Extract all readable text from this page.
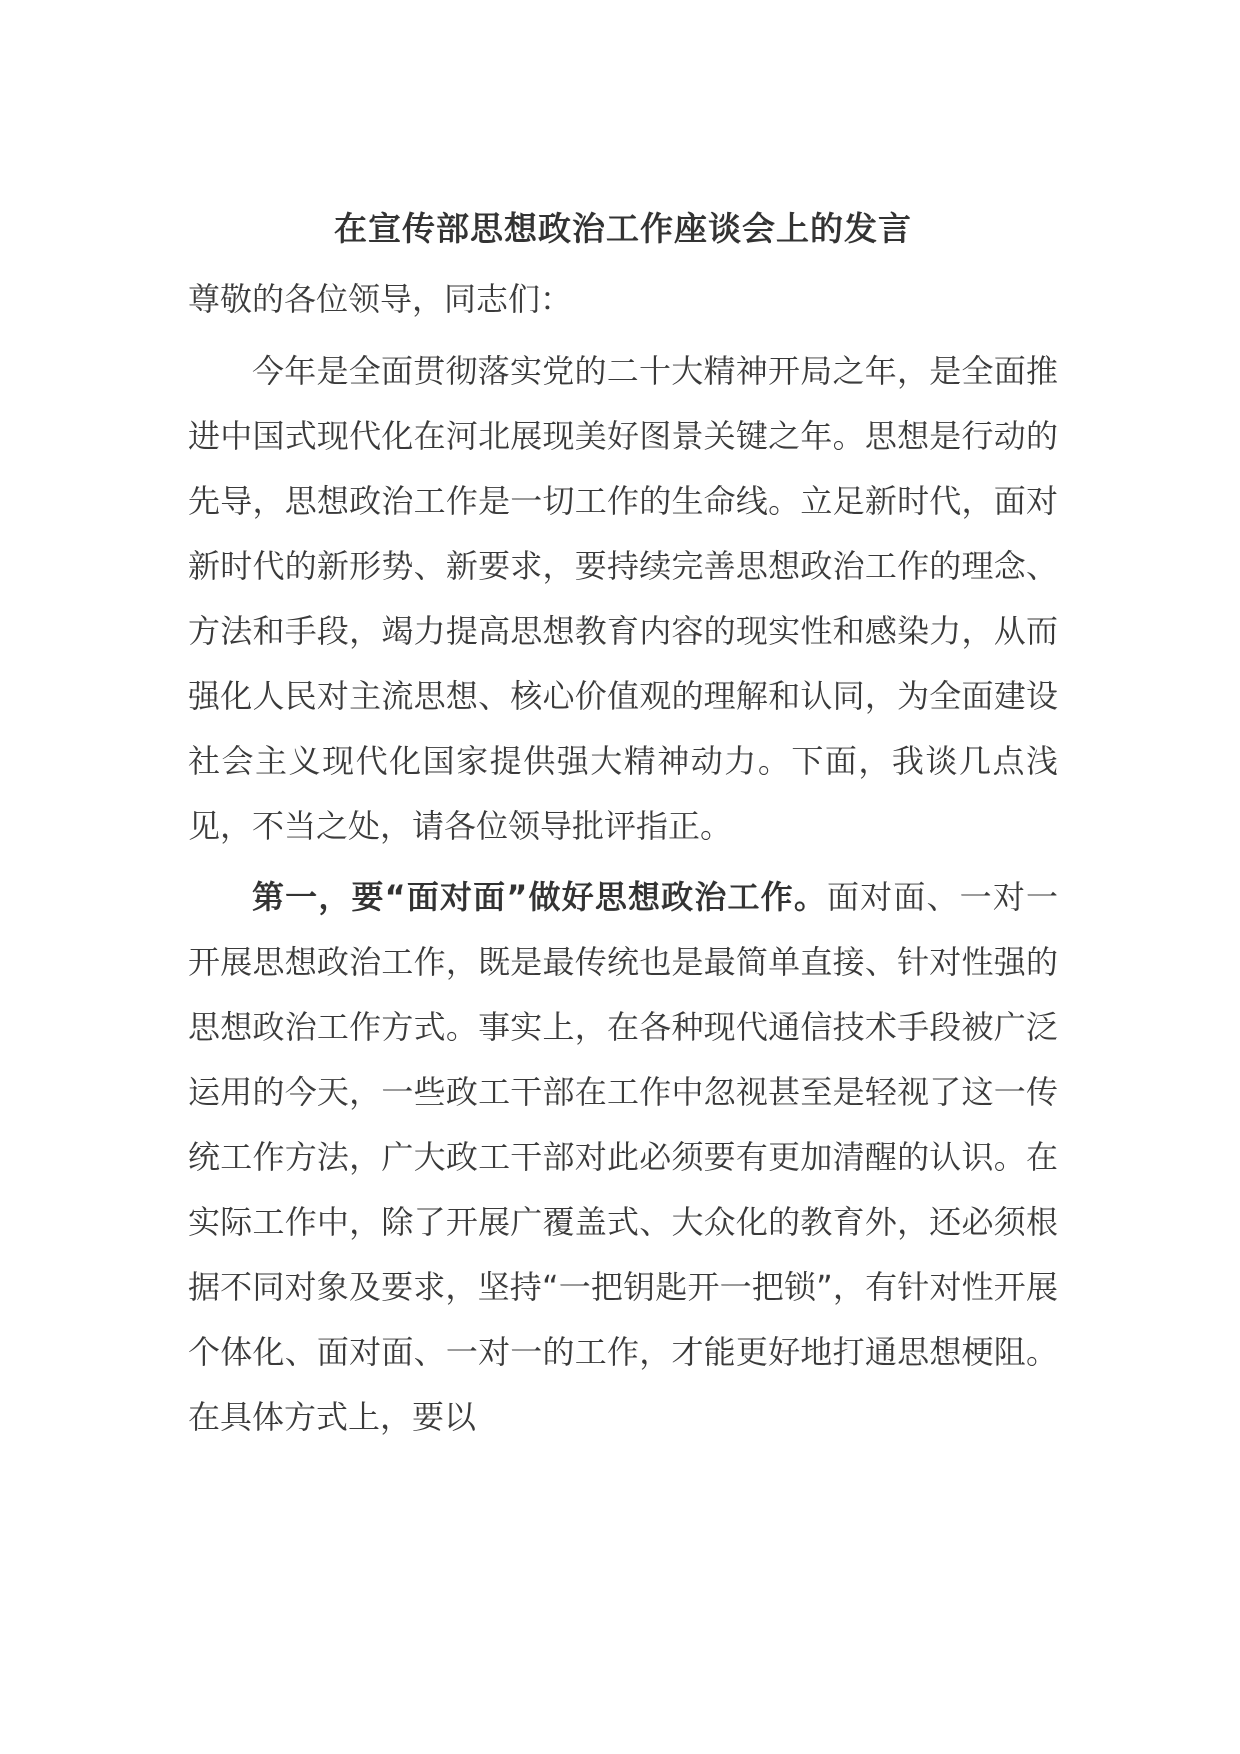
在宣传部思想政治工作座谈会上的发言

尊敬的各位领导，同志们：

今年是全面贯彻落实党的二十大精神开局之年，是全面推进中国式现代化在河北展现美好图景关键之年。思想是行动的先导，思想政治工作是一切工作的生命线。立足新时代，面对新时代的新形势、新要求，要持续完善思想政治工作的理念、方法和手段，竭力提高思想教育内容的现实性和感染力，从而强化人民对主流思想、核心价值观的理解和认同，为全面建设社会主义现代化国家提供强大精神动力。下面，我谈几点浅见，不当之处，请各位领导批评指正。

第一，要“面对面”做好思想政治工作。面对面、一对一开展思想政治工作，既是最传统也是最简单直接、针对性强的思想政治工作方式。事实上，在各种现代通信技术手段被广泛运用的今天，一些政工干部在工作中忽视甚至是轻视了这一传统工作方法，广大政工干部对此必须要有更加清醒的认识。在实际工作中，除了开展广覆盖式、大众化的教育外，还必须根据不同对象及要求，坚持“一把钥匙开一把锁”，有针对性开展个体化、面对面、一对一的工作，才能更好地打通思想梗阻。在具体方式上，要以
